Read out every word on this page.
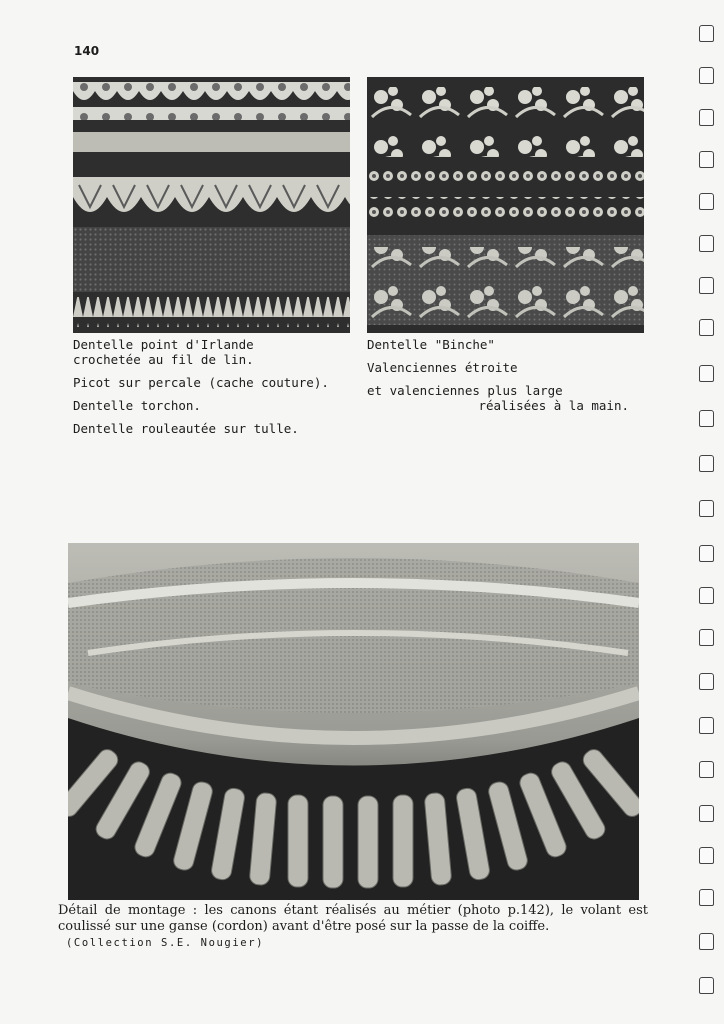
140

Dentelle point d'Irlande
crochetée au fil de lin.

Picot sur percale (cache couture).

Dentelle torchon.

Dentelle rouleautée sur tulle.

Dentelle "Binche"

Valenciennes étroite

et valenciennes plus large

réalisées à la main.

Détail de montage : les canons étant réalisés au métier (photo p.142), le volant est coulissé sur une ganse (cordon) avant d'être posé sur la passe de la coiffe.
(Collection S.E. Nougier)
